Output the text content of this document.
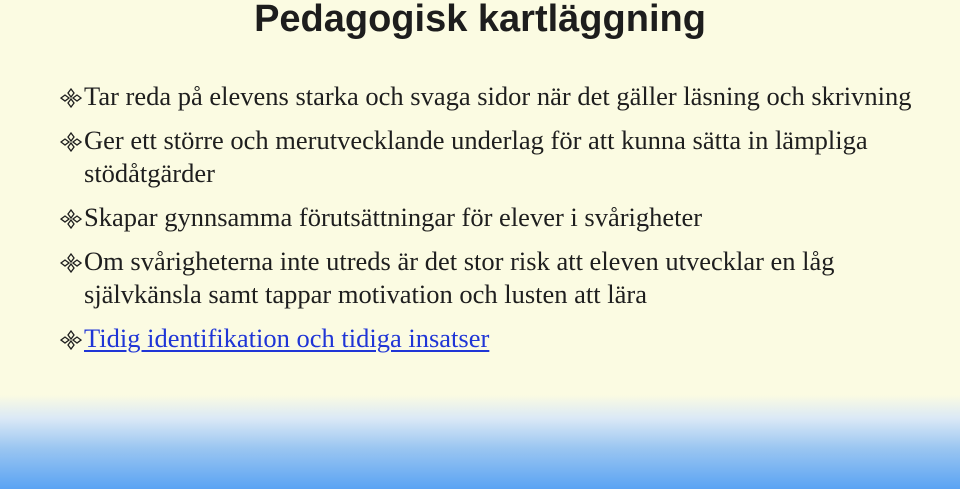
Pedagogisk kartläggning
Tar reda på elevens starka och svaga sidor när det gäller läsning och skrivning
Ger ett större och merutvecklande underlag för att kunna sätta in lämpliga stödåtgärder
Skapar gynnsamma förutsättningar för elever i svårigheter
Om svårigheterna inte utreds är det stor risk att eleven utvecklar en låg självkänsla samt tappar motivation och lusten att lära
Tidig identifikation och tidiga insatser
